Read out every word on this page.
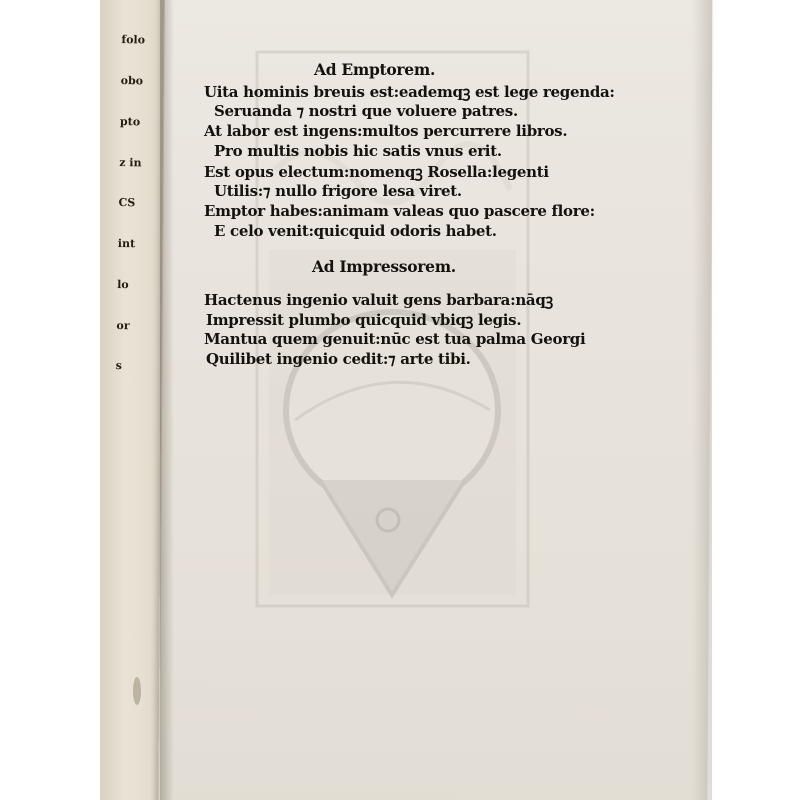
folo

obo

pto

z in

CS

int

lo

or

s

Ad Emptorem.
Uita hominis breuis est:eademqꝫ est lege regenda:
Seruanda ⁊ nostri que voluere patres.
At labor est ingens:multos percurrere libros.
Pro multis nobis hic satis vnus erit.
Est opus electum:nomenqꝫ Rosella:legenti
Utilis:⁊ nullo frigore lesa viret.
Emptor habes:animam valeas quo pascere flore:
E celo venit:quicquid odoris habet.
Ad Impressorem.
Hactenus ingenio valuit gens barbara:nāqꝫ
Impressit plumbo quicquid vbiqꝫ legis.
Mantua quem genuit:nūc est tua palma Georgi
Quilibet ingenio cedit:⁊ arte tibi.
